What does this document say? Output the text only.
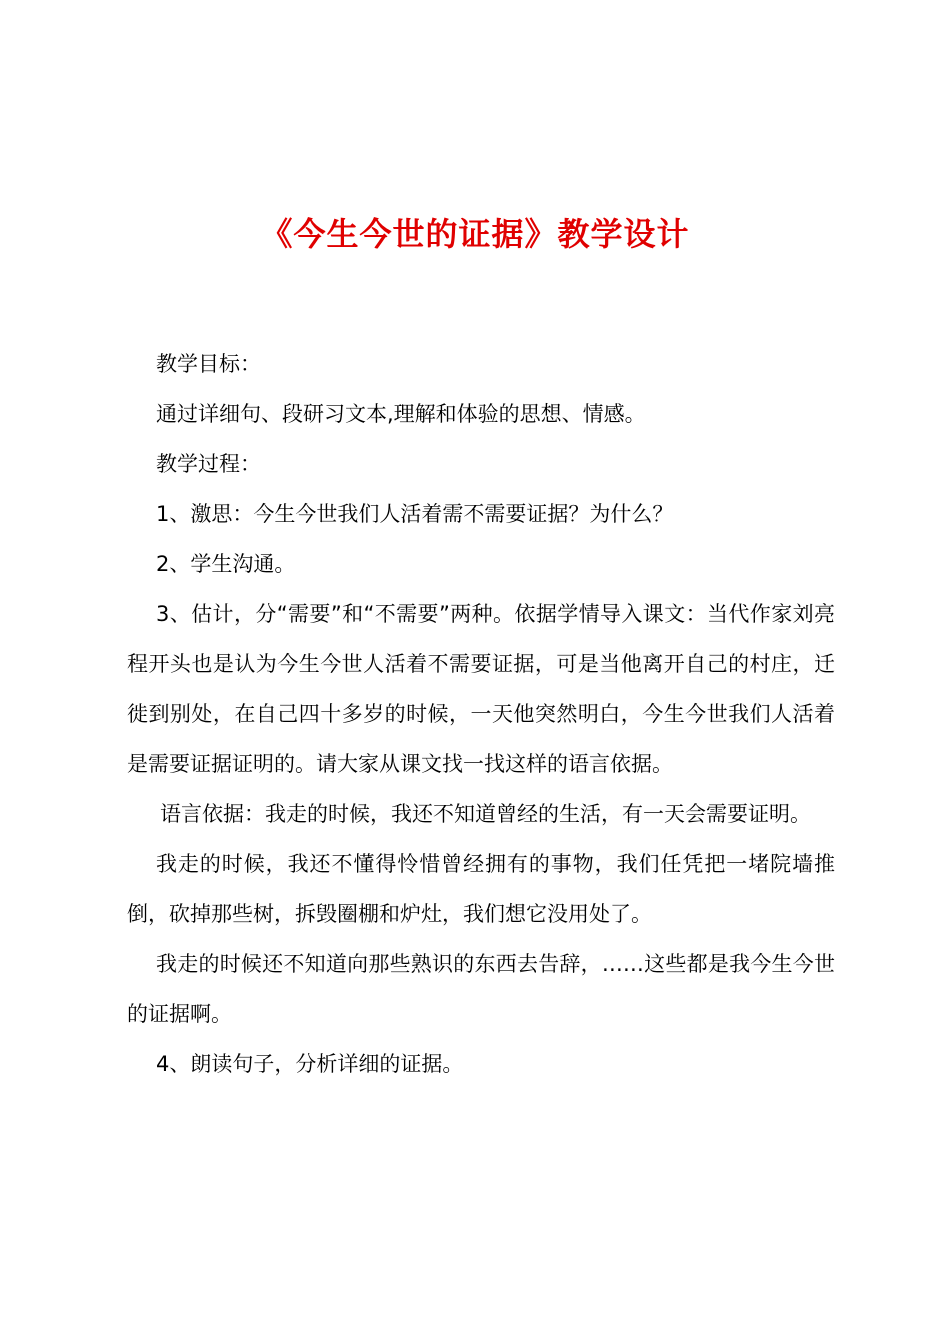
《今生今世的证据》教学设计

教学目标：

通过详细句、段研习文本,理解和体验的思想、情感。

教学过程：

1、激思：今生今世我们人活着需不需要证据？为什么？

2、学生沟通。

3、估计，分“需要”和“不需要”两种。依据学情导入课文：当代作家刘亮程开头也是认为今生今世人活着不需要证据，可是当他离开自己的村庄，迁徙到别处，在自己四十多岁的时候，一天他突然明白，今生今世我们人活着是需要证据证明的。请大家从课文找一找这样的语言依据。

语言依据：我走的时候，我还不知道曾经的生活，有一天会需要证明。

我走的时候，我还不懂得怜惜曾经拥有的事物，我们任凭把一堵院墙推倒，砍掉那些树，拆毁圈棚和炉灶，我们想它没用处了。

我走的时候还不知道向那些熟识的东西去告辞，……这些都是我今生今世的证据啊。

4、朗读句子，分析详细的证据。
